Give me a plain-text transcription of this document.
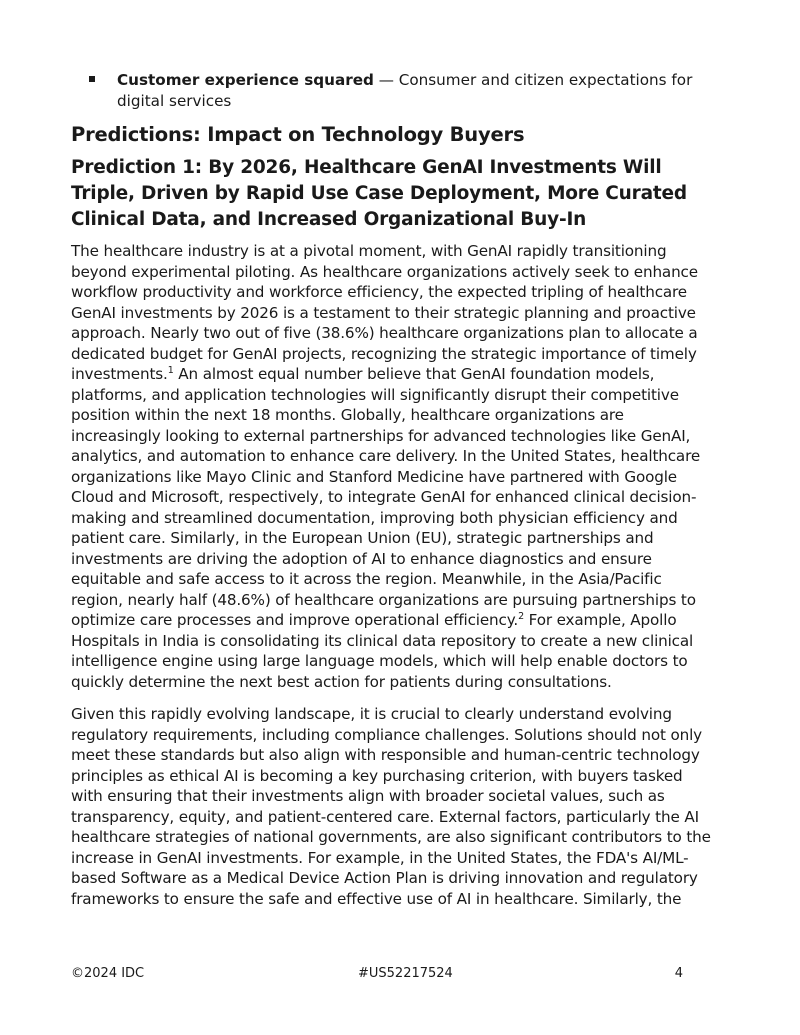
Customer experience squared — Consumer and citizen expectations for digital services
Predictions: Impact on Technology Buyers
Prediction 1: By 2026, Healthcare GenAI Investments Will Triple, Driven by Rapid Use Case Deployment, More Curated Clinical Data, and Increased Organizational Buy-In

The healthcare industry is at a pivotal moment, with GenAI rapidly transitioning beyond experimental piloting. As healthcare organizations actively seek to enhance workflow productivity and workforce efficiency, the expected tripling of healthcare GenAI investments by 2026 is a testament to their strategic planning and proactive approach. Nearly two out of five (38.6%) healthcare organizations plan to allocate a dedicated budget for GenAI projects, recognizing the strategic importance of timely investments.$^1$ An almost equal number believe that GenAI foundation models, platforms, and application technologies will significantly disrupt their competitive position within the next 18 months. Globally, healthcare organizations are increasingly looking to external partnerships for advanced technologies like GenAI, analytics, and automation to enhance care delivery. In the United States, healthcare organizations like Mayo Clinic and Stanford Medicine have partnered with Google Cloud and Microsoft, respectively, to integrate GenAI for enhanced clinical decision-making and streamlined documentation, improving both physician efficiency and patient care. Similarly, in the European Union (EU), strategic partnerships and investments are driving the adoption of AI to enhance diagnostics and ensure equitable and safe access to it across the region. Meanwhile, in the Asia/Pacific region, nearly half (48.6%) of healthcare organizations are pursuing partnerships to optimize care processes and improve operational efficiency.$^2$ For example, Apollo Hospitals in India is consolidating its clinical data repository to create a new clinical intelligence engine using large language models, which will help enable doctors to quickly determine the next best action for patients during consultations.

Given this rapidly evolving landscape, it is crucial to clearly understand evolving regulatory requirements, including compliance challenges. Solutions should not only meet these standards but also align with responsible and human-centric technology principles as ethical AI is becoming a key purchasing criterion, with buyers tasked with ensuring that their investments align with broader societal values, such as transparency, equity, and patient-centered care. External factors, particularly the AI healthcare strategies of national governments, are also significant contributors to the increase in GenAI investments. For example, in the United States, the FDA's AI/ML-based Software as a Medical Device Action Plan is driving innovation and regulatory frameworks to ensure the safe and effective use of AI in healthcare. Similarly, the

©2024 IDC	#US52217524	4
